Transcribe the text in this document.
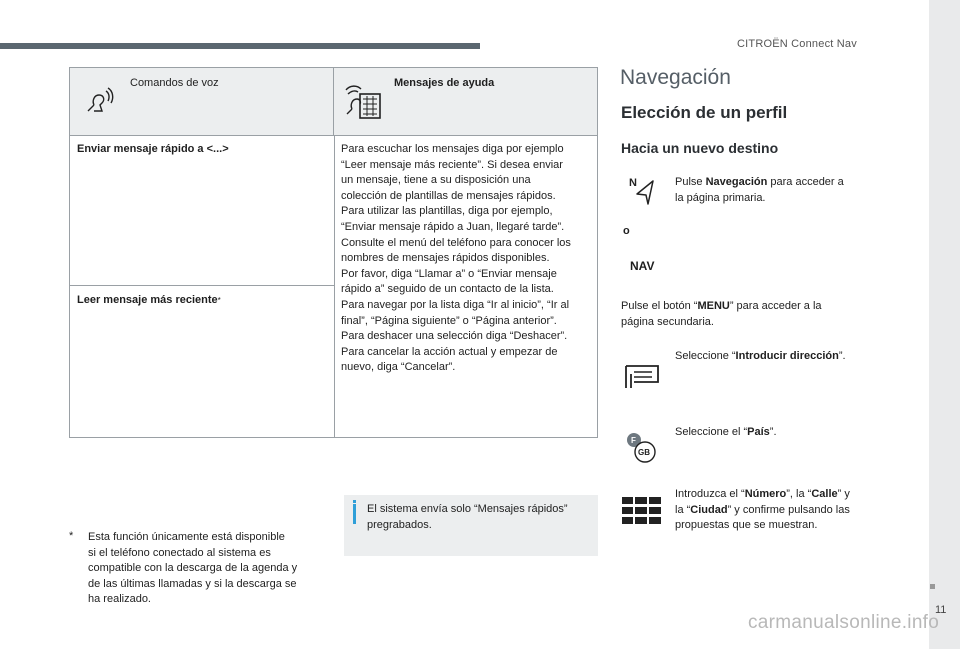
CITROËN Connect Nav
11
Comandos de voz	Mensajes de ayuda
Enviar mensaje rápido a <...>
Leer mensaje más reciente*
Para escuchar los mensajes diga por ejemplo
“Leer mensaje más reciente”. Si desea enviar
un mensaje, tiene a su disposición una
colección de plantillas de mensajes rápidos.
Para utilizar las plantillas, diga por ejemplo,
“Enviar mensaje rápido a Juan, llegaré tarde”.
Consulte el menú del teléfono para conocer los
nombres de mensajes rápidos disponibles.
Por favor, diga “Llamar a” o “Enviar mensaje
rápido a” seguido de un contacto de la lista.
Para navegar por la lista diga “Ir al inicio”, “Ir al
final”, “Página siguiente” o “Página anterior”.
Para deshacer una selección diga “Deshacer”.
Para cancelar la acción actual y empezar de
nuevo, diga “Cancelar”.
* Esta función únicamente está disponible
si el teléfono conectado al sistema es
compatible con la descarga de la agenda y
de las últimas llamadas y si la descarga se
ha realizado.
El sistema envía solo “Mensajes rápidos”
pregrabados.
Navegación
Elección de un perfil
Hacia un nuevo destino
N	Pulse Navegación para acceder a
la página primaria.
o
NAV
Pulse el botón “MENU” para acceder a la
página secundaria.
Seleccione “Introducir dirección”.
F
GB
Seleccione el “País”.
Introduzca el “Número”, la “Calle” y
la “Ciudad” y confirme pulsando las
propuestas que se muestran.
carmanualsonline.info
